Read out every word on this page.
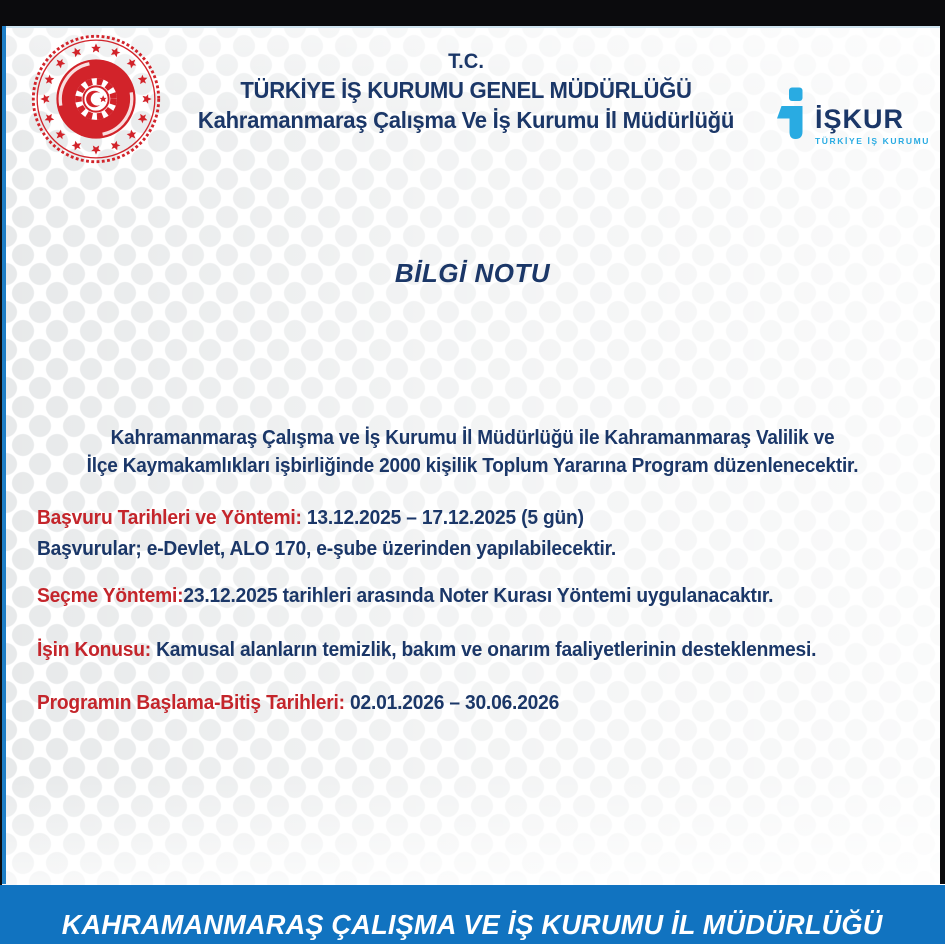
T.C.
TÜRKİYE İŞ KURUMU GENEL MÜDÜRLÜĞÜ
Kahramanmaraş Çalışma Ve İş Kurumu İl Müdürlüğü	İŞKUR
TÜRKİYE İŞ KURUMU
BİLGİ NOTU
Kahramanmaraş Çalışma ve İş Kurumu İl Müdürlüğü ile Kahramanmaraş Valilik ve
İlçe Kaymakamlıkları işbirliğinde 2000 kişilik Toplum Yararına Program düzenlenecektir.
Başvuru Tarihleri ve Yöntemi: 13.12.2025 – 17.12.2025 (5 gün)
Başvurular; e-Devlet, ALO 170, e-şube üzerinden yapılabilecektir.
Seçme Yöntemi:23.12.2025 tarihleri arasında Noter Kurası Yöntemi uygulanacaktır.
İşin Konusu: Kamusal alanların temizlik, bakım ve onarım faaliyetlerinin desteklenmesi.
Programın Başlama-Bitiş Tarihleri: 02.01.2026 – 30.06.2026
KAHRAMANMARAŞ ÇALIŞMA VE İŞ KURUMU İL MÜDÜRLÜĞÜ
